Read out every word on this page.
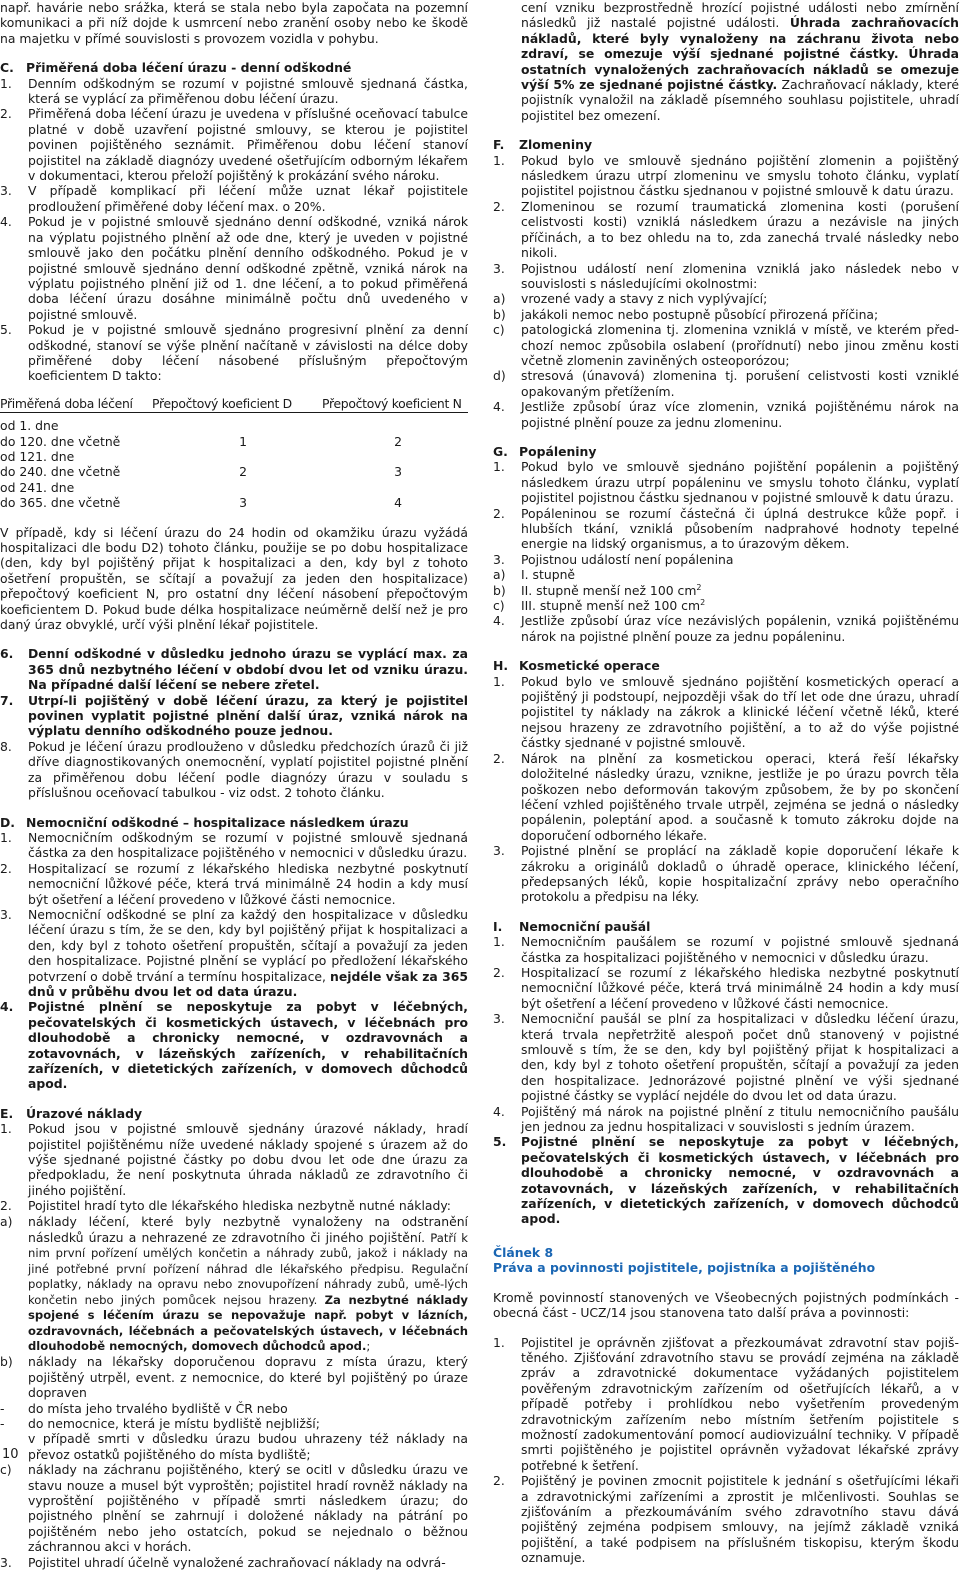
např. havárie nebo srážka, která se stala nebo byla započata na pozemní komunikaci a při níž dojde k usmrcení nebo zranění osoby nebo ke škodě na majetku v přímé souvislosti s provozem vozidla v pohybu.

C. Přiměřená doba léčení úrazu - denní odškodné
1. Denním odškodným se rozumí v pojistné smlouvě sjednaná částka, která se vyplácí za přiměřenou dobu léčení úrazu.
2. Přiměřená doba léčení úrazu je uvedena v příslušné oceňovací tabulce platné v době uzavření pojistné smlouvy, se kterou je pojistitel povinen pojištěného seznámit. Přiměřenou dobu léčení stanoví pojistitel na základě diagnózy uvedené ošetřujícím odborným lékařem v dokumentaci, kterou přeloží pojištěný k prokázání svého nároku.
3. V případě komplikací při léčení může uznat lékař pojistitele prodloužení přiměřené doby léčení max. o 20%.
4. Pokud je v pojistné smlouvě sjednáno denní odškodné, vzniká nárok na výplatu pojistného plnění až ode dne, který je uveden v pojistné smlouvě jako den počátku plnění denního odškodného. Pokud je v pojistné smlouvě sjednáno denní odškodné zpětně, vzniká nárok na výplatu pojistného plnění již od 1. dne léčení, a to pokud přiměřená doba léčení úrazu dosáhne minimálně počtu dnů uvedeného v pojistné smlouvě.
5. Pokud je v pojistné smlouvě sjednáno progresivní plnění za denní odškodné, stanoví se výše plnění načítaně v závislosti na délce doby přiměřené doby léčení násobené příslušným přepočtovým koeficientem D takto:
Přiměřená doba léčení	Přepočtový koeficient D	Přepočtový koeficient N
od 1. dne
do 120. dne včetně	1	2
od 121. dne
do 240. dne včetně	2	3
od 241. dne
do 365. dne včetně	3	4

V případě, kdy si léčení úrazu do 24 hodin od okamžiku úrazu vyžádá hospitalizaci dle bodu D2) tohoto článku, použije se po dobu hospitalizace (den, kdy byl pojištěný přijat k hospitalizaci a den, kdy byl z tohoto ošetření propuštěn, se sčítají a považují za jeden den hospitalizace) přepočtový koeficient N, pro ostatní dny léčení násobení přepočtovým koeficientem D. Pokud bude délka hospitalizace neúměrně delší než je pro daný úraz obvyklé, určí výši plnění lékař pojistitele.

6. Denní odškodné v důsledku jednoho úrazu se vyplácí max. za 365 dnů nezbytného léčení v období dvou let od vzniku úrazu. Na případné další léčení se nebere zřetel.
7. Utrpí-li pojištěný v době léčení úrazu, za který je pojistitel povinen vyplatit pojistné plnění další úraz, vzniká nárok na výplatu denního odškodného pouze jednou.
8. Pokud je léčení úrazu prodlouženo v důsledku předchozích úrazů či již dříve diagnostikovaných onemocnění, vyplatí pojistitel pojistné plnění za přiměřenou dobu léčení podle diagnózy úrazu v souladu s příslušnou oceňovací tabulkou - viz odst. 2 tohoto článku.
D. Nemocniční odškodné – hospitalizace následkem úrazu
1. Nemocničním odškodným se rozumí v pojistné smlouvě sjednaná částka za den hospitalizace pojištěného v nemocnici v důsledku úrazu.
2. Hospitalizací se rozumí z lékařského hlediska nezbytné poskytnutí nemocniční lůžkové péče, která trvá minimálně 24 hodin a kdy musí být ošetření a léčení provedeno v lůžkové části nemocnice.
3. Nemocniční odškodné se plní za každý den hospitalizace v důsledku léčení úrazu s tím, že se den, kdy byl pojištěný přijat k hospitalizaci a den, kdy byl z tohoto ošetření propuštěn, sčítají a považují za jeden den hospitalizace. Pojistné plnění se vyplácí po předložení lékařského potvrzení o době trvání a termínu hospitalizace, nejdéle však za 365 dnů v průběhu dvou let od data úrazu.
4. Pojistné plnění se neposkytuje za pobyt v léčebných, pečovatelských či kosmetických ústavech, v léčebnách pro dlouhodobě a chronicky nemocné, v ozdravovnách a zotavovnách, v lázeňských zařízeních, v rehabilitačních zařízeních, v dietetických zařízeních, v domovech důchodců apod.
E. Úrazové náklady
1. Pokud jsou v pojistné smlouvě sjednány úrazové náklady, hradí pojistitel pojištěnému níže uvedené náklady spojené s úrazem až do výše sjednané pojistné částky po dobu dvou let ode dne úrazu za předpokladu, že není poskytnuta úhrada nákladů ze zdravotního či jiného pojištění.
2. Pojistitel hradí tyto dle lékařského hlediska nezbytně nutné náklady:
a) náklady léčení, které byly nezbytně vynaloženy na odstranění následků úrazu a nehrazené ze zdravotního či jiného pojištění. Patří k nim první pořízení umělých končetin a náhrady zubů, jakož i náklady na jiné potřebné první pořízení náhrad dle lékařského předpisu. Regulační poplatky, náklady na opravu nebo znovupořízení náhrady zubů, umě-lých končetin nebo jiných pomůcek nejsou hrazeny. Za nezbytné náklady spojené s léčením úrazu se nepovažuje např. pobyt v lázních, ozdravovnách, léčebnách a pečovatelských ústavech, v léčebnách dlouhodobě nemocných, domovech důchodců apod.;
b) náklady na lékařsky doporučenou dopravu z místa úrazu, který pojištěný utrpěl, event. z nemocnice, do které byl pojištěný po úraze dopraven
- do místa jeho trvalého bydliště v ČR nebo
- do nemocnice, která je místu bydliště nejbližší;
v případě smrti v důsledku úrazu budou uhrazeny též náklady na převoz ostatků pojištěného do místa bydliště;
c) náklady na záchranu pojištěného, který se ocitl v důsledku úrazu ve stavu nouze a musel být vyproštěn; pojistitel hradí rovněž náklady na vyproštění pojištěného v případě smrti následkem úrazu; do pojistného plnění se zahrnují i doložené náklady na pátrání po pojištěném nebo jeho ostatcích, pokud se nejednalo o běžnou záchrannou akci v horách.
3. Pojistitel uhradí účelně vynaložené zachraňovací náklady na odvrá-
10

cení vzniku bezprostředně hrozící pojistné události nebo zmírnění následků již nastalé pojistné události. Úhrada zachraňovacích nákladů, které byly vynaloženy na záchranu života nebo zdraví, se omezuje výší sjednané pojistné částky. Úhrada ostatních vynaložených zachraňovacích nákladů se omezuje výší 5% ze sjednané pojistné částky. Zachraňovací náklady, které pojistník vynaložil na základě písemného souhlasu pojistitele, uhradí pojistitel bez omezení.

F. Zlomeniny
1. Pokud bylo ve smlouvě sjednáno pojištění zlomenin a pojištěný následkem úrazu utrpí zlomeninu ve smyslu tohoto článku, vyplatí pojistitel pojistnou částku sjednanou v pojistné smlouvě k datu úrazu.
2. Zlomeninou se rozumí traumatická zlomenina kosti (porušení celistvosti kosti) vzniklá následkem úrazu a nezávisle na jiných příčinách, a to bez ohledu na to, zda zanechá trvalé následky nebo nikoli.
3. Pojistnou událostí není zlomenina vzniklá jako následek nebo v souvislosti s následujícími okolnostmi:
a) vrozené vady a stavy z nich vyplývající;
b) jakákoli nemoc nebo postupně působící přirozená příčina;
c) patologická zlomenina tj. zlomenina vzniklá v místě, ve kterém před-chozí nemoc způsobila oslabení (prořídnutí) nebo jinou změnu kosti včetně zlomenin zaviněných osteoporózou;
d) stresová (únavová) zlomenina tj. porušení celistvosti kosti vzniklé opakovaným přetížením.
4. Jestliže způsobí úraz více zlomenin, vzniká pojištěnému nárok na pojistné plnění pouze za jednu zlomeninu.
G. Popáleniny
1. Pokud bylo ve smlouvě sjednáno pojištění popálenin a pojištěný následkem úrazu utrpí popáleninu ve smyslu tohoto článku, vyplatí pojistitel pojistnou částku sjednanou v pojistné smlouvě k datu úrazu.
2. Popáleninou se rozumí částečná či úplná destrukce kůže popř. i hlubších tkání, vzniklá působením nadprahové hodnoty tepelné energie na lidský organismus, a to úrazovým děkem.
3. Pojistnou událostí není popálenina
a) I. stupně
b) II. stupně menší než 100 $cm^2$
c) III. stupně menší než 100 $cm^2$
4. Jestliže způsobí úraz více nezávislých popálenin, vzniká pojištěnému nárok na pojistné plnění pouze za jednu popáleninu.
H. Kosmetické operace
1. Pokud bylo ve smlouvě sjednáno pojištění kosmetických operací a pojištěný ji podstoupí, nejpozději však do tří let ode dne úrazu, uhradí pojistitel ty náklady na zákrok a klinické léčení včetně léků, které nejsou hrazeny ze zdravotního pojištění, a to až do výše pojistné částky sjednané v pojistné smlouvě.
2. Nárok na plnění za kosmetickou operaci, která řeší lékařsky doložitelné následky úrazu, vznikne, jestliže je po úrazu povrch těla poškozen nebo deformován takovým způsobem, že by po skončení léčení vzhled pojištěného trvale utrpěl, zejména se jedná o následky popálenin, poleptání apod. a současně k tomuto zákroku dojde na doporučení odborného lékaře.
3. Pojistné plnění se proplácí na základě kopie doporučení lékaře k zákroku a originálů dokladů o úhradě operace, klinického léčení, předepsaných léků, kopie hospitalizační zprávy nebo operačního protokolu a předpisu na léky.
I. Nemocniční paušál
1. Nemocničním paušálem se rozumí v pojistné smlouvě sjednaná částka za hospitalizaci pojištěného v nemocnici v důsledku úrazu.
2. Hospitalizací se rozumí z lékařského hlediska nezbytné poskytnutí nemocniční lůžkové péče, která trvá minimálně 24 hodin a kdy musí být ošetření a léčení provedeno v lůžkové části nemocnice.
3. Nemocniční paušál se plní za hospitalizaci v důsledku léčení úrazu, která trvala nepřetržitě alespoň počet dnů stanovený v pojistné smlouvě s tím, že se den, kdy byl pojištěný přijat k hospitalizaci a den, kdy byl z tohoto ošetření propuštěn, sčítají a považují za jeden den hospitalizace. Jednorázové pojistné plnění ve výši sjednané pojistné částky se vyplácí nejdéle do dvou let od data úrazu.
4. Pojištěný má nárok na pojistné plnění z titulu nemocničního paušálu jen jednou za jednu hospitalizaci v souvislosti s jedním úrazem.
5. Pojistné plnění se neposkytuje za pobyt v léčebných, pečovatelských či kosmetických ústavech, v léčebnách pro dlouhodobě a chronicky nemocné, v ozdravovnách a zotavovnách, v lázeňských zařízeních, v rehabilitačních zařízeních, v dietetických zařízeních, v domovech důchodců apod.
Článek 8
Práva a povinnosti pojistitele, pojistníka a pojištěného

Kromě povinností stanovených ve Všeobecných pojistných podmínkách - obecná část - UCZ/14 jsou stanovena tato další práva a povinnosti:

1. Pojistitel je oprávněn zjišťovat a přezkoumávat zdravotní stav pojiš-těného. Zjišťování zdravotního stavu se provádí zejména na základě zpráv a zdravotnické dokumentace vyžádaných pojistitelem pověřeným zdravotnickým zařízením od ošetřujících lékařů, a v případě potřeby i prohlídkou nebo vyšetřením provedeným zdravotnickým zařízením nebo místním šetřením pojistitele s možností zadokumentování pomocí audiovizuální techniky. V případě smrti pojištěného je pojistitel oprávněn vyžadovat lékařské zprávy potřebné k šetření.
2. Pojištěný je povinen zmocnit pojistitele k jednání s ošetřujícími lékaři a zdravotnickými zařízeními a zprostit je mlčenlivosti. Souhlas se zjišťováním a přezkoumáváním svého zdravotního stavu dává pojištěný zejména podpisem smlouvy, na jejímž základě vzniká pojištění, a také podpisem na příslušném tiskopisu, kterým škodu oznamuje.
